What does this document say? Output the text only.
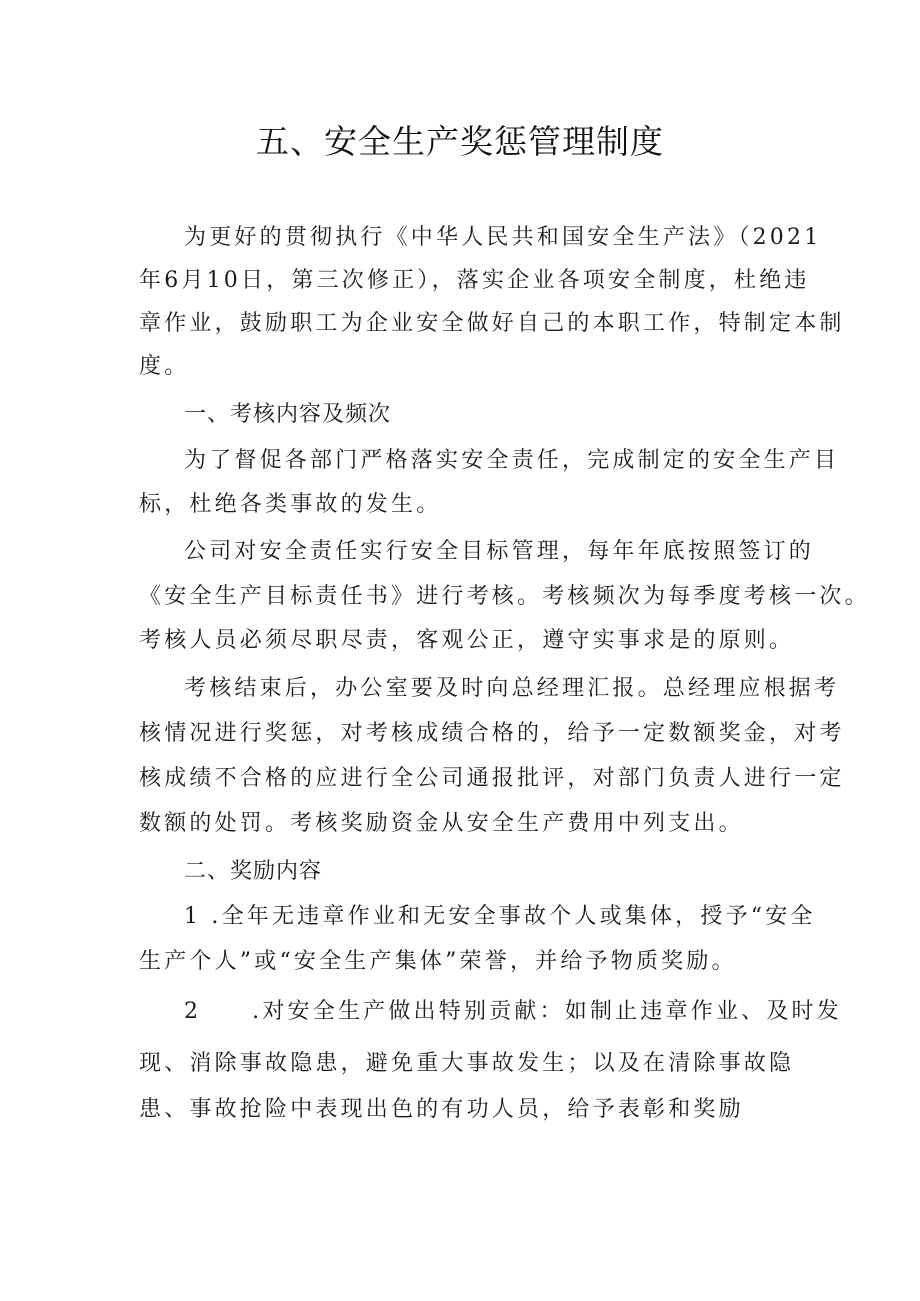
五、安全生产奖惩管理制度
为更好的贯彻执行《中华人民共和国安全生产法》（2021
年6月10日，第三次修正），落实企业各项安全制度，杜绝违
章作业，鼓励职工为企业安全做好自己的本职工作，特制定本制
度。
一、考核内容及频次
为了督促各部门严格落实安全责任，完成制定的安全生产目
标，杜绝各类事故的发生。
公司对安全责任实行安全目标管理，每年年底按照签订的
《安全生产目标责任书》进行考核。考核频次为每季度考核一次。
考核人员必须尽职尽责，客观公正，遵守实事求是的原则。
考核结束后，办公室要及时向总经理汇报。总经理应根据考
核情况进行奖惩，对考核成绩合格的，给予一定数额奖金，对考
核成绩不合格的应进行全公司通报批评，对部门负责人进行一定
数额的处罚。考核奖励资金从安全生产费用中列支出。
二、奖励内容
1 .全年无违章作业和无安全事故个人或集体，授予“安全
生产个人”或“安全生产集体”荣誉，并给予物质奖励。
2     .对安全生产做出特别贡献：如制止违章作业、及时发
现、消除事故隐患，避免重大事故发生；以及在清除事故隐
患、事故抢险中表现出色的有功人员，给予表彰和奖励
